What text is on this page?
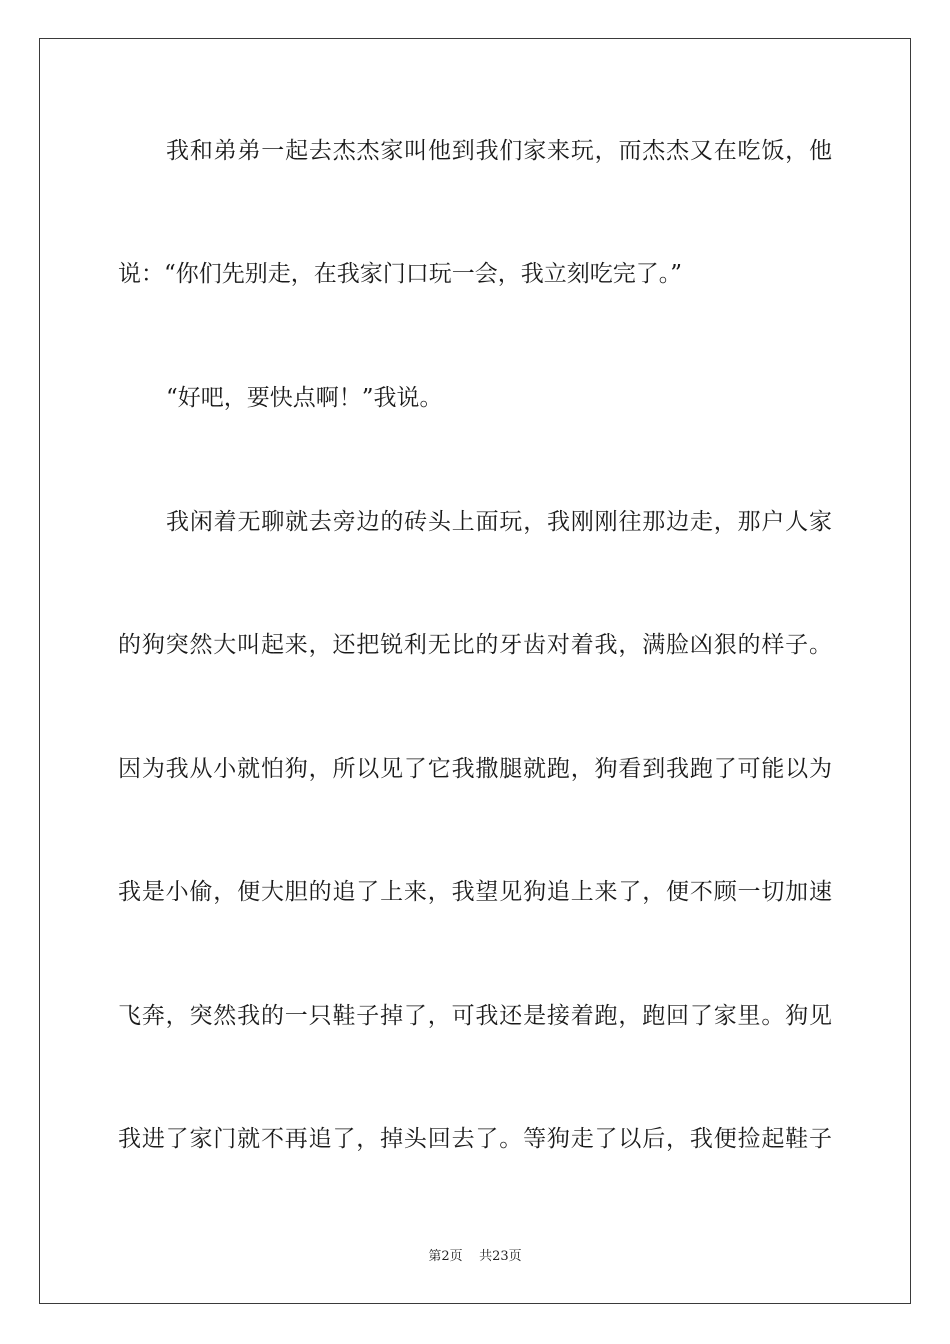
我和弟弟一起去杰杰家叫他到我们家来玩，而杰杰又在吃饭，他
说：“你们先别走，在我家门口玩一会，我立刻吃完了。”
“好吧，要快点啊！”我说。
我闲着无聊就去旁边的砖头上面玩，我刚刚往那边走，那户人家
的狗突然大叫起来，还把锐利无比的牙齿对着我，满脸凶狠的样子。
因为我从小就怕狗，所以见了它我撒腿就跑，狗看到我跑了可能以为
我是小偷，便大胆的追了上来，我望见狗追上来了，便不顾一切加速
飞奔，突然我的一只鞋子掉了，可我还是接着跑，跑回了家里。狗见
我进了家门就不再追了，掉头回去了。等狗走了以后，我便捡起鞋子
第2页 共23页
